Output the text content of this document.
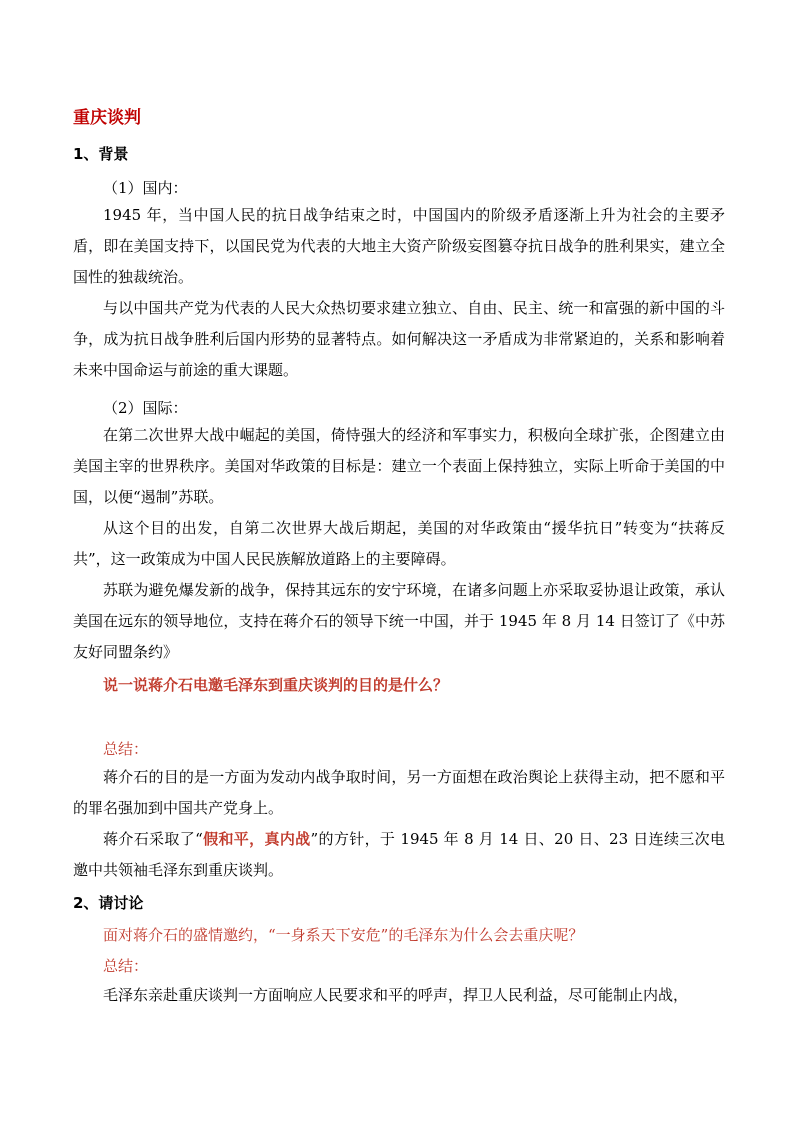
重庆谈判
1、背景
（1）国内：
1945 年，当中国人民的抗日战争结束之时，中国国内的阶级矛盾逐渐上升为社会的主要矛盾，即在美国支持下，以国民党为代表的大地主大资产阶级妄图篡夺抗日战争的胜利果实，建立全国性的独裁统治。
与以中国共产党为代表的人民大众热切要求建立独立、自由、民主、统一和富强的新中国的斗争，成为抗日战争胜利后国内形势的显著特点。如何解决这一矛盾成为非常紧迫的，关系和影响着未来中国命运与前途的重大课题。
（2）国际：
在第二次世界大战中崛起的美国，倚恃强大的经济和军事实力，积极向全球扩张，企图建立由美国主宰的世界秩序。美国对华政策的目标是：建立一个表面上保持独立，实际上听命于美国的中国，以便“遏制”苏联。
从这个目的出发，自第二次世界大战后期起，美国的对华政策由“援华抗日”转变为“扶蒋反共”，这一政策成为中国人民民族解放道路上的主要障碍。
苏联为避免爆发新的战争，保持其远东的安宁环境，在诸多问题上亦采取妥协退让政策，承认美国在远东的领导地位，支持在蒋介石的领导下统一中国，并于 1945 年 8 月 14 日签订了《中苏友好同盟条约》
说一说蒋介石电邀毛泽东到重庆谈判的目的是什么？
总结：
蒋介石的目的是一方面为发动内战争取时间，另一方面想在政治舆论上获得主动，把不愿和平的罪名强加到中国共产党身上。
蒋介石采取了“假和平，真内战”的方针，于 1945 年 8 月 14 日、20 日、23 日连续三次电邀中共领袖毛泽东到重庆谈判。
2、请讨论
面对蒋介石的盛情邀约，“一身系天下安危”的毛泽东为什么会去重庆呢？
总结：
毛泽东亲赴重庆谈判一方面响应人民要求和平的呼声，捍卫人民利益，尽可能制止内战，
